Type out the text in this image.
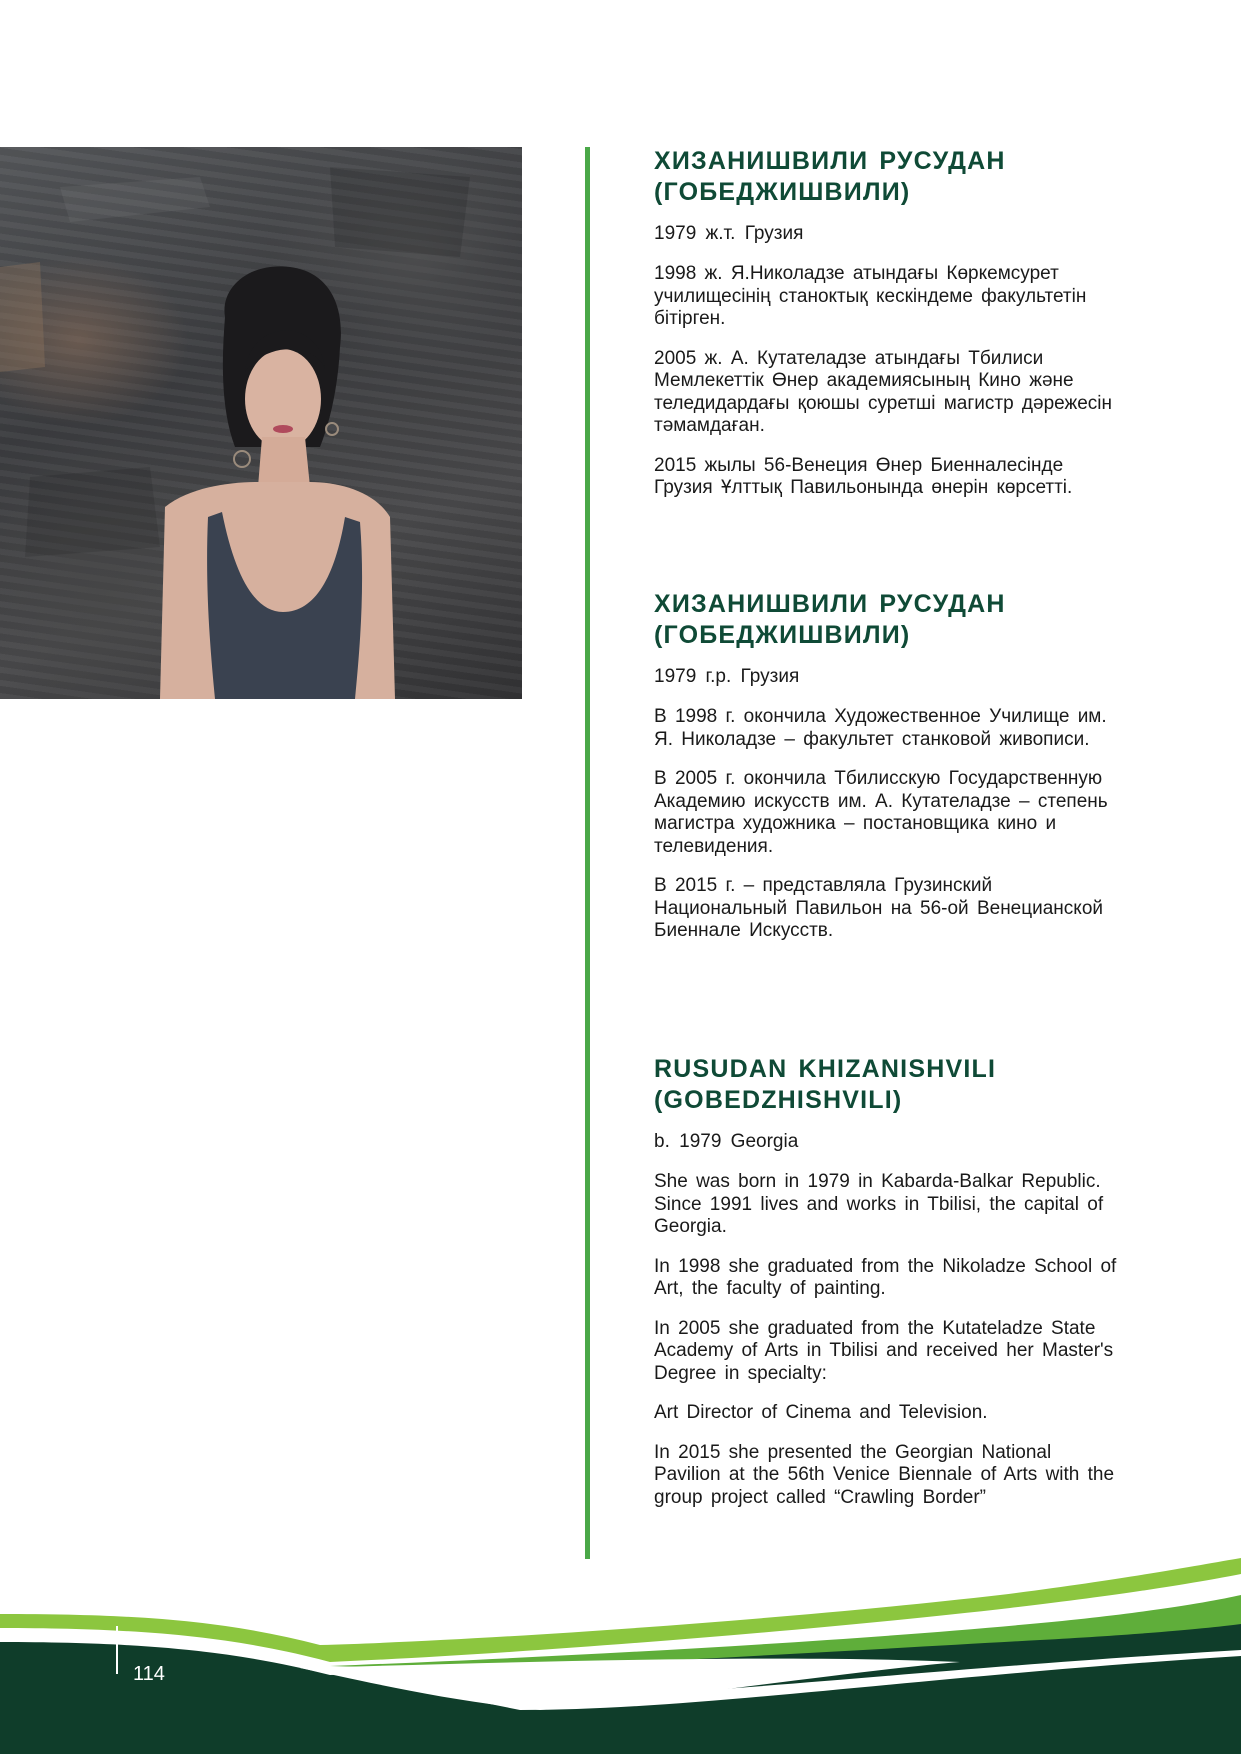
ХИЗАНИШВИЛИ РУСУДАН (ГОБЕДЖИШВИЛИ)

1979 ж.т. Грузия

1998 ж. Я.Николадзе атындағы Көркемсурет училищесінің станоктық кескіндеме факультетін бітірген.

2005 ж. А. Кутателадзе атындағы Тбилиси Мемлекеттік Өнер академиясының Кино және теледидардағы қоюшы суретші магистр дәрежесін тәмамдаған.

2015 жылы 56-Венеция Өнер Биенналесінде Грузия Ұлттық Павильонында өнерін көрсетті.

ХИЗАНИШВИЛИ РУСУДАН (ГОБЕДЖИШВИЛИ)

1979 г.р. Грузия

В 1998 г. окончила Художественное Училище им. Я. Николадзе – факультет станковой живописи.

В 2005 г. окончила Тбилисскую Государственную Академию искусств им. А. Кутателадзе – степень магистра художника – постановщика кино и телевидения.

В 2015 г. – представляла Грузинский Национальный Павильон на 56-ой Венецианской Биеннале Искусств.

RUSUDAN KHIZANISHVILI (GOBEDZHISHVILI)

b. 1979 Georgia

She was born in 1979 in Kabarda-Balkar Republic. Since 1991 lives and works in Tbilisi, the capital of Georgia.

In 1998 she graduated from the Nikoladze School of Art, the faculty of painting.

In 2005 she graduated from the Kutateladze State Academy of Arts in Tbilisi and received her Master's Degree in specialty:

Art Director of Cinema and Television.

In 2015 she presented the Georgian National Pavilion at the 56th Venice Biennale of Arts with the group project called “Crawling Border”

114
